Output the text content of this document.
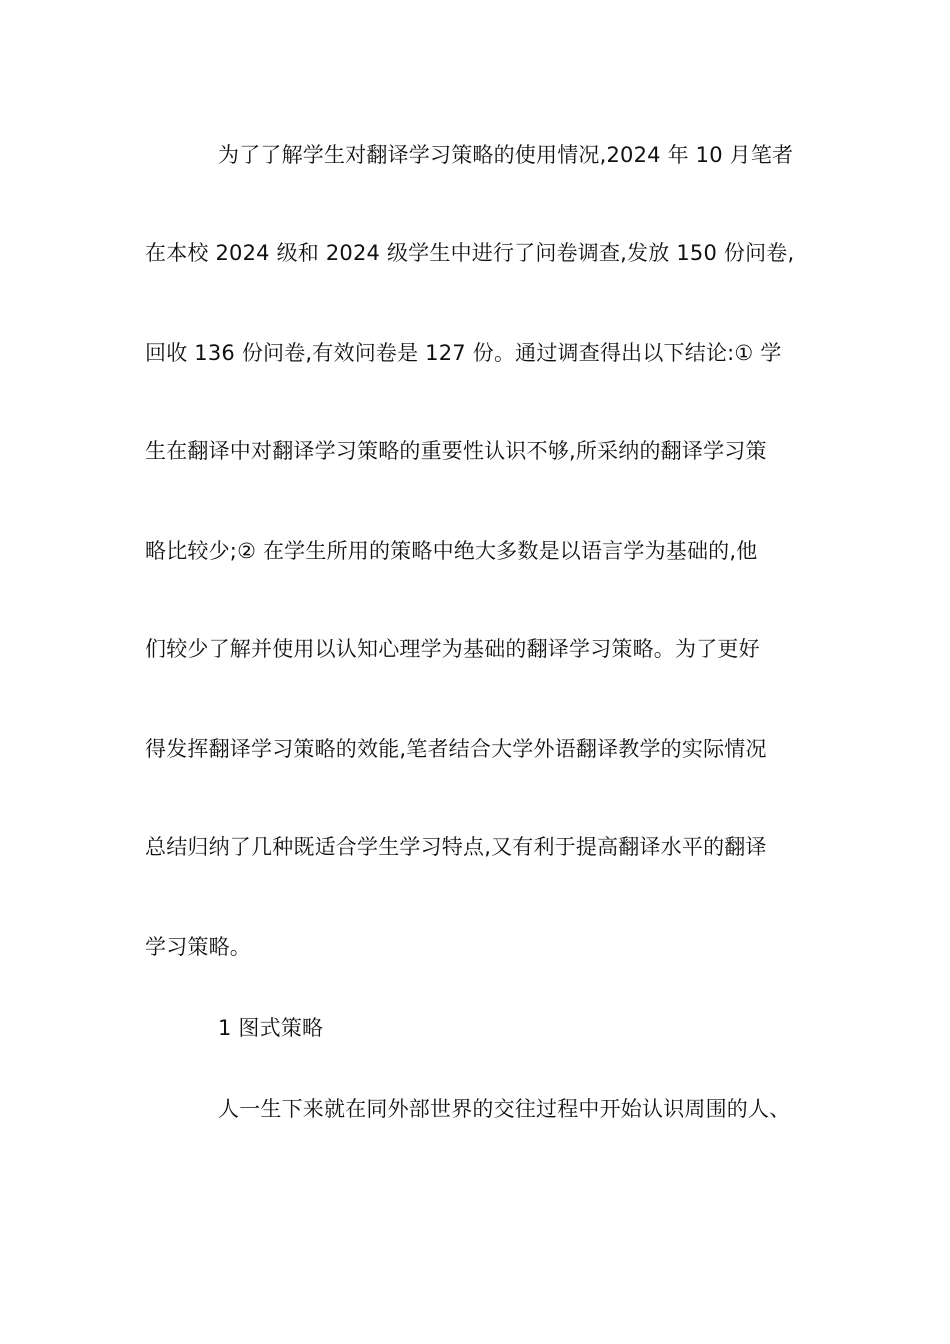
为了了解学生对翻译学习策略的使用情况,2024 年 10 月笔者
在本校 2024 级和 2024 级学生中进行了问卷调查,发放 150 份问卷,
回收 136 份问卷,有效问卷是 127 份。通过调查得出以下结论:① 学
生在翻译中对翻译学习策略的重要性认识不够,所采纳的翻译学习策
略比较少;② 在学生所用的策略中绝大多数是以语言学为基础的,他
们较少了解并使用以认知心理学为基础的翻译学习策略。为了更好
得发挥翻译学习策略的效能,笔者结合大学外语翻译教学的实际情况
总结归纳了几种既适合学生学习特点,又有利于提高翻译水平的翻译
学习策略。
1 图式策略
人一生下来就在同外部世界的交往过程中开始认识周围的人、
